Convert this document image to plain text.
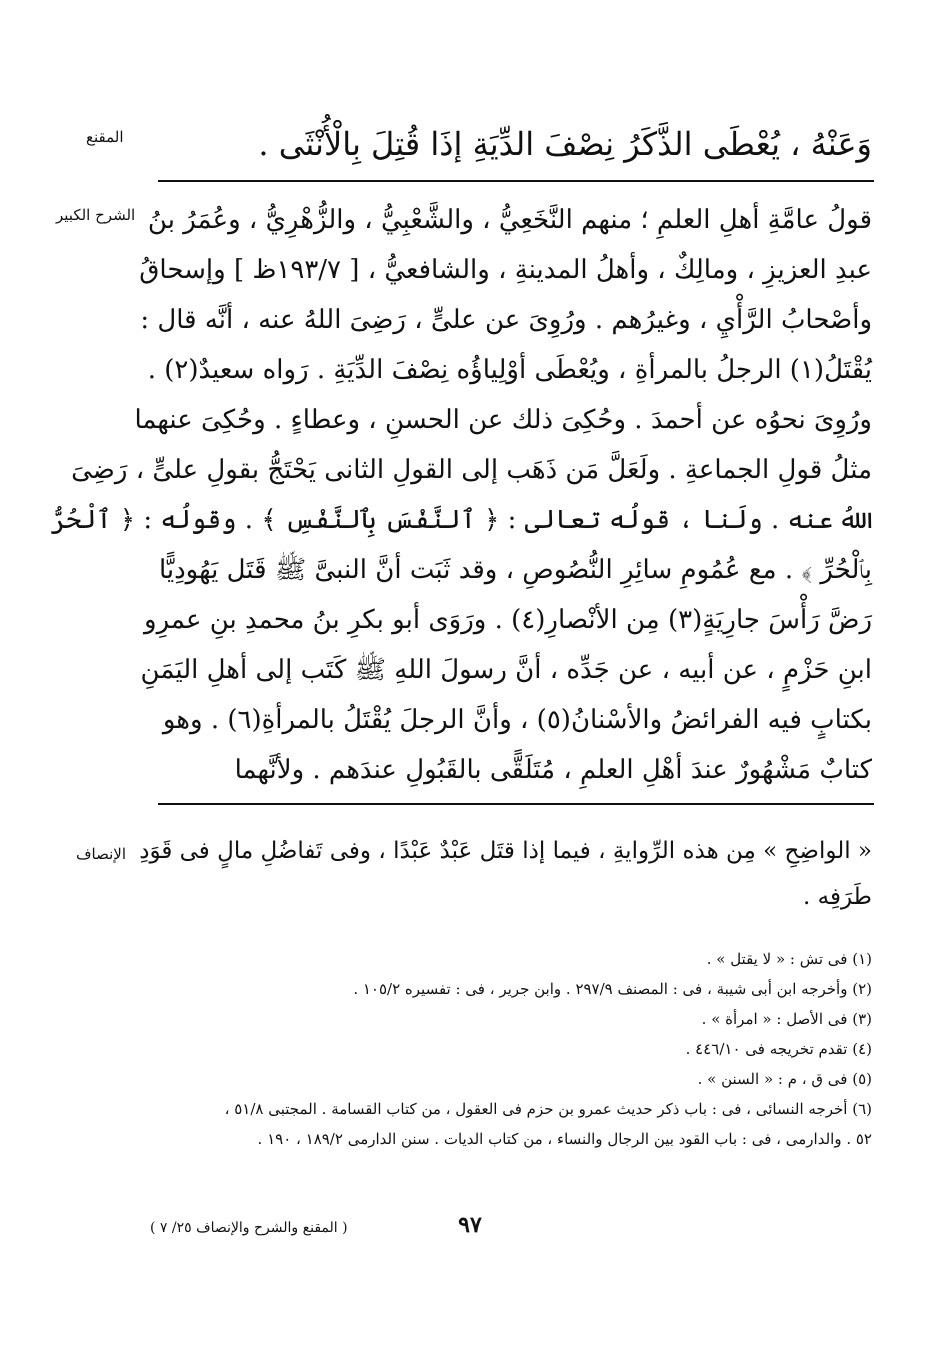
المقنع	وَعَنْهُ ، يُعْطَى الذَّكَرُ نِصْفَ الدِّيَةِ إذَا قُتِلَ بِالْأُنْثَى .
الشرح الكبير قولُ عامَّةِ أهلِ العلمِ ؛ منهم النَّخَعِيُّ ، والشَّعْبِيُّ ، والزُّهْرِيُّ ، وعُمَرُ بنُ
عبدِ العزيزِ ، ومالِكٌ ، وأهلُ المدينةِ ، والشافعيُّ ، [ ١٩٣/٧ظ ] وإسحاقُ
وأصْحابُ الرَّأْيِ ، وغيرُهم . ورُوِىَ عن علىٍّ ، رَضِىَ اللهُ عنه ، أنَّه قال :
يُقْتَلُ(١) الرجلُ بالمرأةِ ، ويُعْطَى أوْلِياؤُه نِصْفَ الدِّيَةِ . رَواه سعيدٌ(٢) .
ورُوِىَ نحوُه عن أحمدَ . وحُكِىَ ذلك عن الحسنِ ، وعطاءٍ . وحُكِىَ عنهما
مثلُ قولِ الجماعةِ . ولَعَلَّ مَن ذَهَب إلى القولِ الثانى يَحْتَجُّ بقولِ علىٍّ ، رَضِىَ
اللهُ عنه . ولَنا ، قولُه تعالى : ﴿ ٱلنَّفْسَ بِٱلنَّفْسِ ﴾ . وقولُه : ﴿ ٱلْحُرُّ
بِٱلْحُرِّ ﴾ . مع عُمُومِ سائِرِ النُّصُوصِ ، وقد ثَبَت أنَّ النبىَّ ﷺ قَتَل يَهُودِيًّا
رَضَّ رَأْسَ جارِيَةٍ(٣) مِن الأنْصارِ(٤) . ورَوَى أبو بكرِ بنُ محمدِ بنِ عمرِو
ابنِ حَزْمٍ ، عن أبيه ، عن جَدِّه ، أنَّ رسولَ اللهِ ﷺ كَتَب إلى أهلِ اليَمَنِ
بكتابٍ فيه الفرائضُ والأسْنانُ(٥) ، وأنَّ الرجلَ يُقْتَلُ بالمرأةِ(٦) . وهو
كتابٌ مَشْهُورٌ عندَ أهْلِ العلمِ ، مُتَلَقًّى بالقَبُولِ عندَهم . ولأنَّهما
الإنصاف « الواضِحِ » مِن هذه الرِّوايةِ ، فيما إذا قتَل عَبْدٌ عَبْدًا ، وفى تَفاضُلِ مالٍ فى قَوَدِ
طَرَفِه .
(١) فى تش : « لا يقتل » .
(٢) وأخرجه ابن أبى شيبة ، فى : المصنف ٢٩٧/٩ . وابن جرير ، فى : تفسيره ١٠٥/٢ .
(٣) فى الأصل : « امرأة » .
(٤) تقدم تخريجه فى ٤٤٦/١٠ .
(٥) فى ق ، م : « السنن » .
(٦) أخرجه النسائى ، فى : باب ذكر حديث عمرو بن حزم فى العقول ، من كتاب القسامة . المجتبى ٥١/٨ ،
٥٢ . والدارمى ، فى : باب القود بين الرجال والنساء ، من كتاب الديات . سنن الدارمى ١٨٩/٢ ، ١٩٠ .
٩٧
( المقنع والشرح والإنصاف ٢٥/ ٧ )
